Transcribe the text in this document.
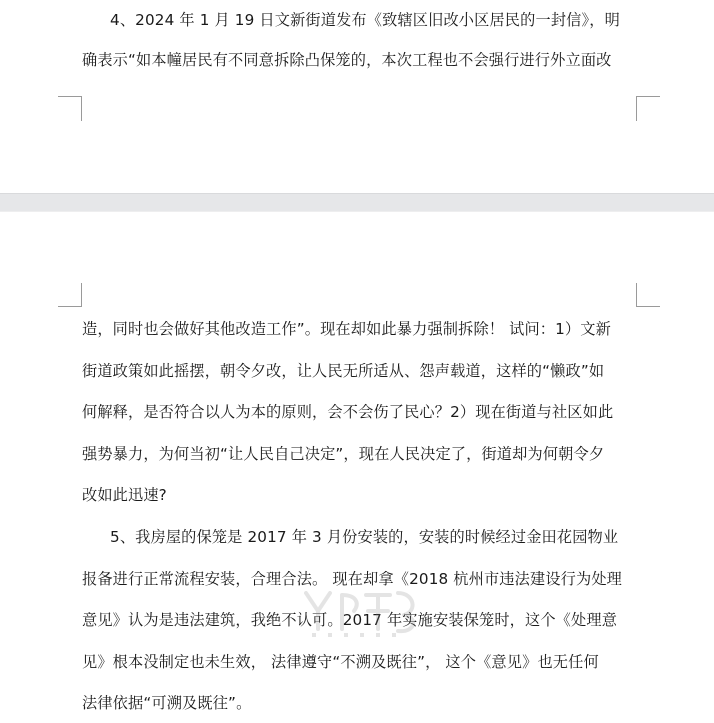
4、2024 年 1 月 19 日文新街道发布《致辖区旧改小区居民的一封信》，明
确表示“如本幢居民有不同意拆除凸保笼的，本次工程也不会强行进行外立面改
造，同时也会做好其他改造工作”。现在却如此暴力强制拆除！ 试问：1）文新
街道政策如此摇摆，朝令夕改，让人民无所适从、怨声载道，这样的“懒政”如
何解释，是否符合以人为本的原则，会不会伤了民心？2）现在街道与社区如此
强势暴力，为何当初“让人民自己决定”，现在人民决定了，街道却为何朝令夕
改如此迅速?
5、我房屋的保笼是 2017 年 3 月份安装的，安装的时候经过金田花园物业
报备进行正常流程安装，合理合法。 现在却拿《2018 杭州市违法建设行为处理
意见》认为是违法建筑，我绝不认可。2017 年实施安装保笼时，这个《处理意
见》根本没制定也未生效， 法律遵守“不溯及既往”， 这个《意见》也无任何
法律依据“可溯及既往”。
